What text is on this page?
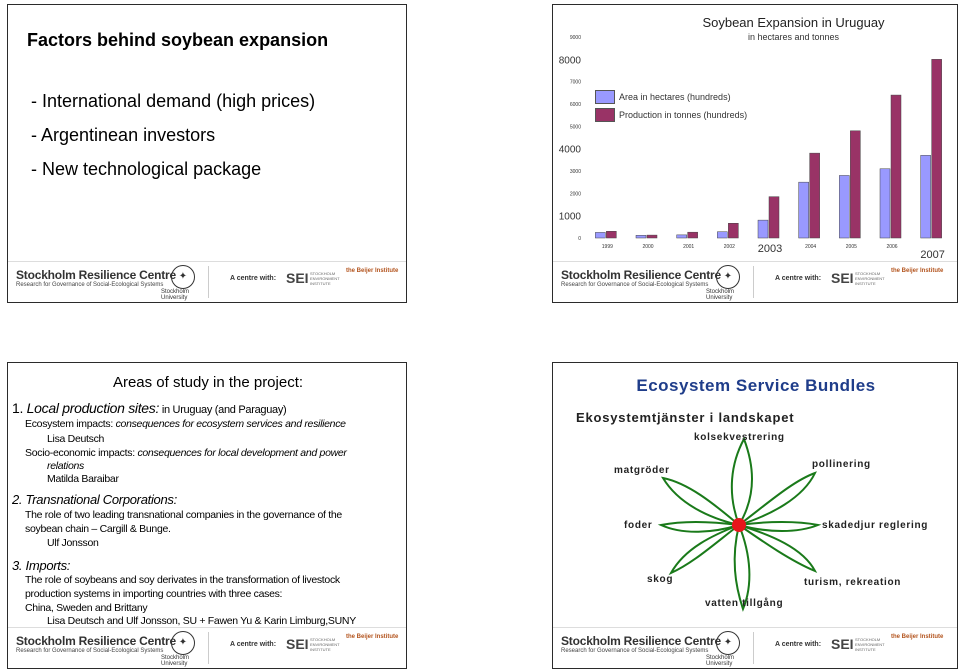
Factors behind soybean expansion
- International demand (high prices)
- Argentinean investors
- New technological package
Stockholm Resilience Centre
Research for Governance of Social-Ecological Systems
✦
Stockholm
University
A centre with: SEI STOCKHOLM ENVIRONMENT INSTITUTE
the Beijer Institute
Soybean Expansion in Uruguay
in hectares and tonnes
0
1000
2000
3000
4000
5000
6000
7000
8000
9000
1999	2000	2001	2002 2003	2004	2005	2006
2007
Area in hectares (hundreds)
Production in tonnes (hundreds)
Stockholm Resilience Centre
Research for Governance of Social-Ecological Systems
✦
Stockholm
University
A centre with: SEI STOCKHOLM ENVIRONMENT INSTITUTE
the Beijer Institute
Areas of study in the project:
1. Local production sites: in Uruguay (and Paraguay)
Ecosystem impacts: consequences for ecosystem services and resilience
Lisa Deutsch
Socio-economic impacts: consequences for local development and power
relations
Matilda Baraibar
2. Transnational Corporations:
The role of two leading transnational companies in the governance of the
soybean chain – Cargill & Bunge.
Ulf Jonsson
3. Imports:
The role of soybeans and soy derivates in the transformation of livestock
production systems in importing countries with three cases:
China, Sweden and Brittany
Lisa Deutsch and Ulf Jonsson, SU + Fawen Yu & Karin Limburg,SUNY
Stockholm Resilience Centre
Research for Governance of Social-Ecological Systems
✦
Stockholm
University
A centre with: SEI STOCKHOLM ENVIRONMENT INSTITUTE
the Beijer Institute
Ecosystem Service Bundles
Ekosystemtjänster i landskapet
kolsekvestrering
pollinering
matgröder
foder	skadedjur reglering
skog	turism, rekreation
vatten tillgång
Stockholm Resilience Centre
Research for Governance of Social-Ecological Systems
✦
Stockholm
University
A centre with: SEI STOCKHOLM ENVIRONMENT INSTITUTE
the Beijer Institute
